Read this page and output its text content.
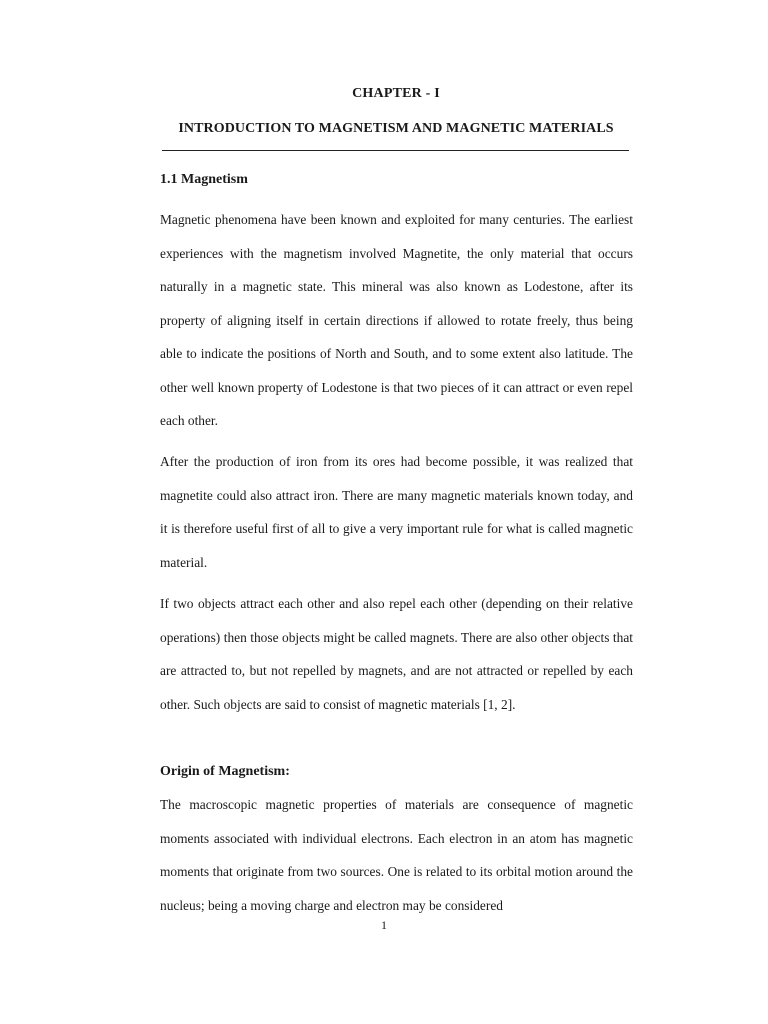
CHAPTER - I
INTRODUCTION TO MAGNETISM AND MAGNETIC MATERIALS
1.1 Magnetism
Magnetic phenomena have been known and exploited for many centuries. The earliest experiences with the magnetism involved Magnetite, the only material that occurs naturally in a magnetic state. This mineral was also known as Lodestone, after its property of aligning itself in certain directions if allowed to rotate freely, thus being able to indicate the positions of North and South, and to some extent also latitude. The other well known property of Lodestone is that two pieces of it can attract or even repel each other.
After the production of iron from its ores had become possible, it was realized that magnetite could also attract iron. There are many magnetic materials known today, and it is therefore useful first of all to give a very important rule for what is called magnetic material.
If two objects attract each other and also repel each other (depending on their relative operations) then those objects might be called magnets. There are also other objects that are attracted to, but not repelled by magnets, and are not attracted or repelled by each other. Such objects are said to consist of magnetic materials [1, 2].
Origin of Magnetism:
The macroscopic magnetic properties of materials are consequence of magnetic moments associated with individual electrons. Each electron in an atom has magnetic moments that originate from two sources. One is related to its orbital motion around the nucleus; being a moving charge and electron may be considered
1
